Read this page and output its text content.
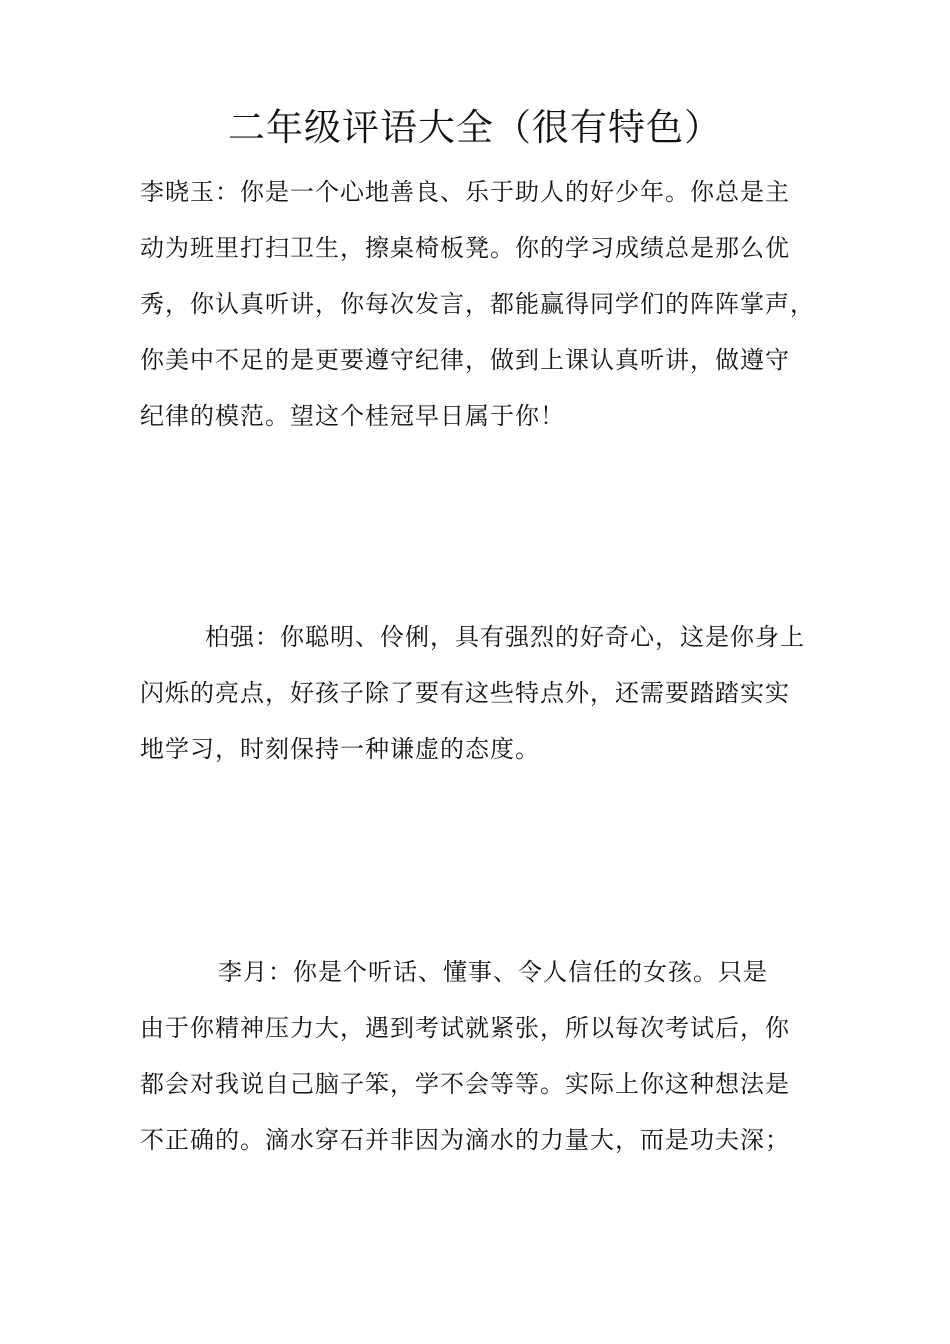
二年级评语大全（很有特色）
李晓玉：你是一个心地善良、乐于助人的好少年。你总是主
动为班里打扫卫生，擦桌椅板凳。你的学习成绩总是那么优
秀，你认真听讲，你每次发言，都能赢得同学们的阵阵掌声，
你美中不足的是更要遵守纪律，做到上课认真听讲，做遵守
纪律的模范。望这个桂冠早日属于你！
柏强：你聪明、伶俐，具有强烈的好奇心，这是你身上
闪烁的亮点，好孩子除了要有这些特点外，还需要踏踏实实
地学习，时刻保持一种谦虚的态度。
李月：你是个听话、懂事、令人信任的女孩。只是
由于你精神压力大，遇到考试就紧张，所以每次考试后，你
都会对我说自己脑子笨，学不会等等。实际上你这种想法是
不正确的。滴水穿石并非因为滴水的力量大，而是功夫深；
